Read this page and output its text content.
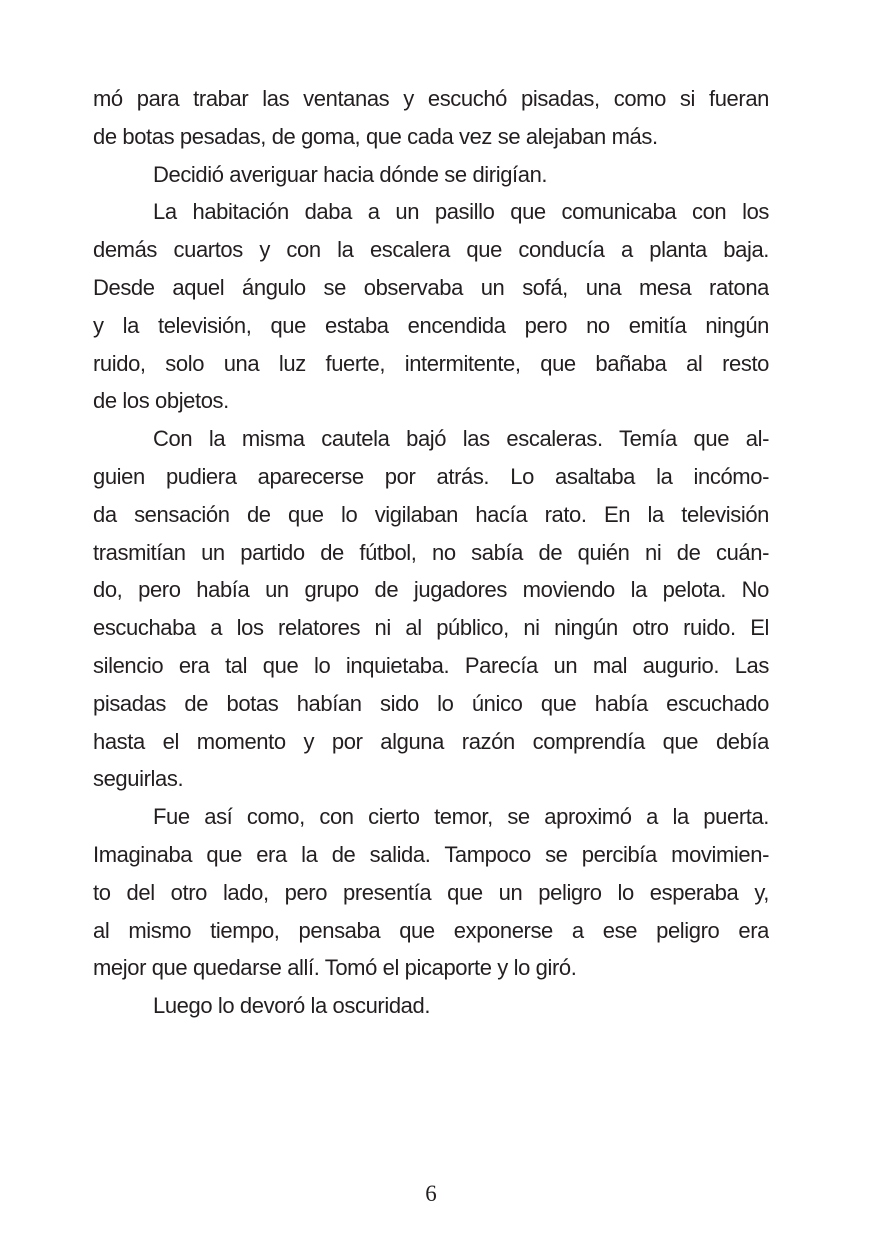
mó para trabar las ventanas y escuchó pisadas, como si fueran
de botas pesadas, de goma, que cada vez se alejaban más.
Decidió averiguar hacia dónde se dirigían.
La habitación daba a un pasillo que comunicaba con los
demás cuartos y con la escalera que conducía a planta baja.
Desde aquel ángulo se observaba un sofá, una mesa ratona
y la televisión, que estaba encendida pero no emitía ningún
ruido, solo una luz fuerte, intermitente, que bañaba al resto
de los objetos.
Con la misma cautela bajó las escaleras. Temía que al-
guien pudiera aparecerse por atrás. Lo asaltaba la incómo-
da sensación de que lo vigilaban hacía rato. En la televisión
trasmitían un partido de fútbol, no sabía de quién ni de cuán-
do, pero había un grupo de jugadores moviendo la pelota. No
escuchaba a los relatores ni al público, ni ningún otro ruido. El
silencio era tal que lo inquietaba. Parecía un mal augurio. Las
pisadas de botas habían sido lo único que había escuchado
hasta el momento y por alguna razón comprendía que debía
seguirlas.
Fue así como, con cierto temor, se aproximó a la puerta.
Imaginaba que era la de salida. Tampoco se percibía movimien-
to del otro lado, pero presentía que un peligro lo esperaba y,
al mismo tiempo, pensaba que exponerse a ese peligro era
mejor que quedarse allí. Tomó el picaporte y lo giró.
Luego lo devoró la oscuridad.
6
